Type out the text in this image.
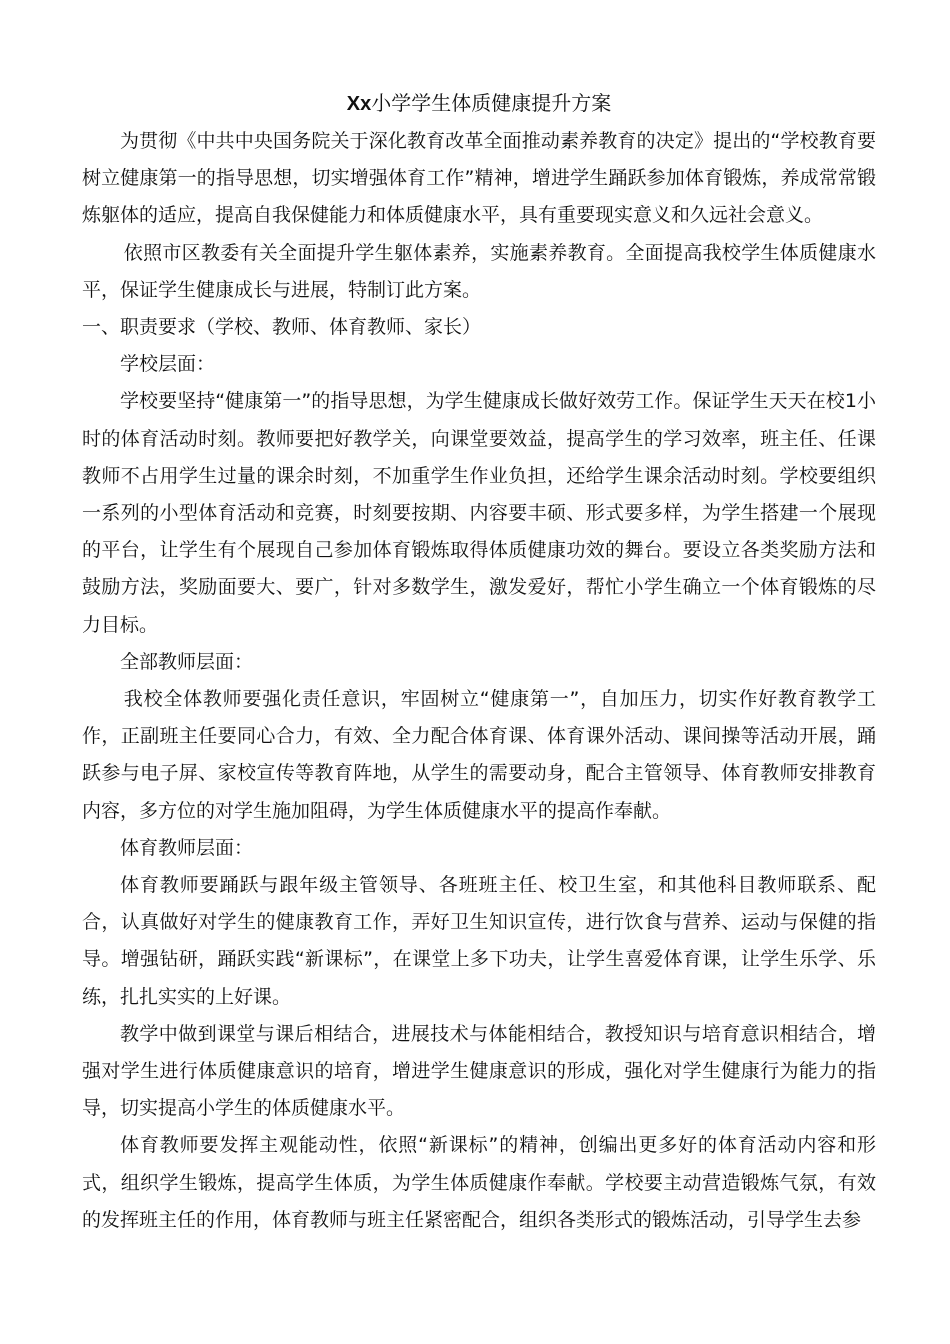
Xx小学学生体质健康提升方案

为贯彻《中共中央国务院关于深化教育改革全面推动素养教育的决定》提出的“学校教育要树立健康第一的指导思想，切实增强体育工作”精神，增进学生踊跃参加体育锻炼，养成常常锻炼躯体的适应，提高自我保健能力和体质健康水平，具有重要现实意义和久远社会意义。

依照市区教委有关全面提升学生躯体素养，实施素养教育。全面提高我校学生体质健康水平，保证学生健康成长与进展，特制订此方案。

一、职责要求（学校、教师、体育教师、家长）

学校层面：

学校要坚持“健康第一”的指导思想，为学生健康成长做好效劳工作。保证学生天天在校1小时的体育活动时刻。教师要把好教学关，向课堂要效益，提高学生的学习效率，班主任、任课教师不占用学生过量的课余时刻，不加重学生作业负担，还给学生课余活动时刻。学校要组织一系列的小型体育活动和竞赛，时刻要按期、内容要丰硕、形式要多样，为学生搭建一个展现的平台，让学生有个展现自己参加体育锻炼取得体质健康功效的舞台。要设立各类奖励方法和鼓励方法，奖励面要大、要广，针对多数学生，激发爱好，帮忙小学生确立一个体育锻炼的尽力目标。

全部教师层面：

我校全体教师要强化责任意识，牢固树立“健康第一”，自加压力，切实作好教育教学工作，正副班主任要同心合力，有效、全力配合体育课、体育课外活动、课间操等活动开展，踊跃参与电子屏、家校宣传等教育阵地，从学生的需要动身，配合主管领导、体育教师安排教育内容，多方位的对学生施加阻碍，为学生体质健康水平的提高作奉献。

体育教师层面：

体育教师要踊跃与跟年级主管领导、各班班主任、校卫生室，和其他科目教师联系、配合，认真做好对学生的健康教育工作，弄好卫生知识宣传，进行饮食与营养、运动与保健的指导。增强钻研，踊跃实践“新课标”，在课堂上多下功夫，让学生喜爱体育课，让学生乐学、乐练，扎扎实实的上好课。

教学中做到课堂与课后相结合，进展技术与体能相结合，教授知识与培育意识相结合，增强对学生进行体质健康意识的培育，增进学生健康意识的形成，强化对学生健康行为能力的指导，切实提高小学生的体质健康水平。

体育教师要发挥主观能动性，依照“新课标”的精神，创编出更多好的体育活动内容和形式，组织学生锻炼，提高学生体质，为学生体质健康作奉献。学校要主动营造锻炼气氛，有效的发挥班主任的作用，体育教师与班主任紧密配合，组织各类形式的锻炼活动，引导学生去参
